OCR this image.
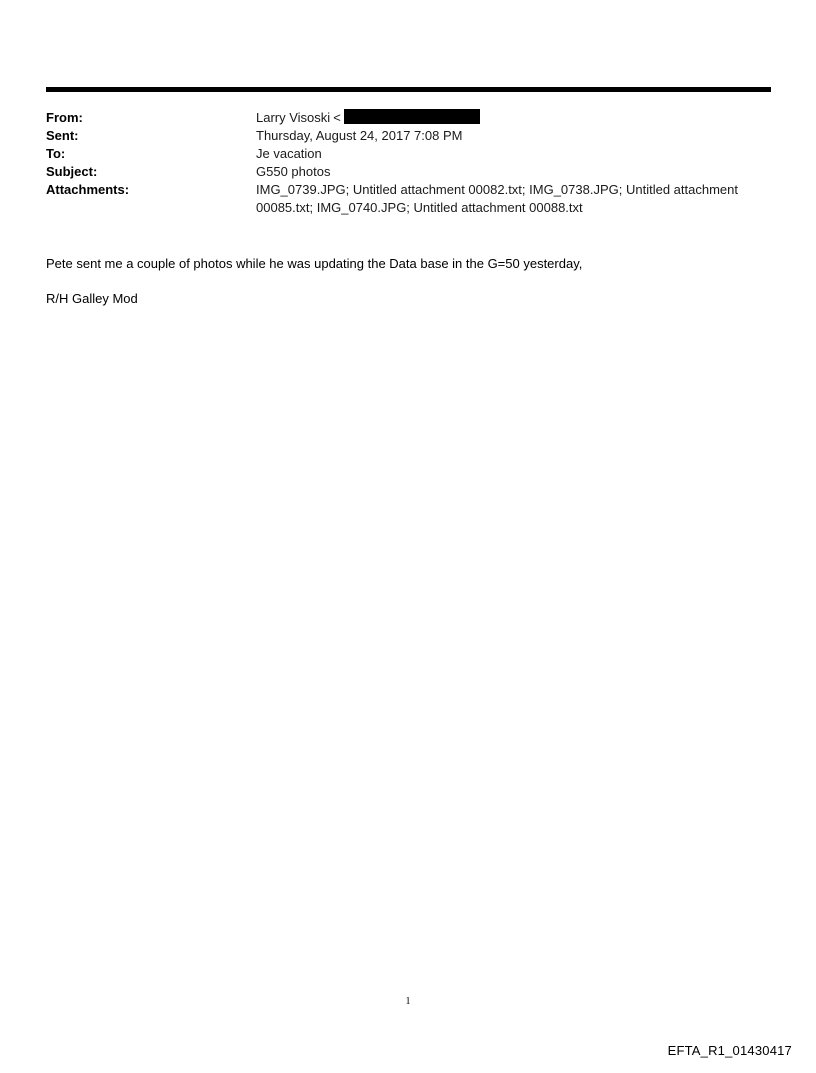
From:	Larry Visoski <
Sent:	Thursday, August 24, 2017 7:08 PM
To:	Je vacation
Subject:	G550 photos
Attachments:	IMG_0739.JPG; Untitled attachment 00082.txt; IMG_0738.JPG; Untitled attachment
00085.txt; IMG_0740.JPG; Untitled attachment 00088.txt

Pete sent me a couple of photos while he was updating the Data base in the G=50 yesterday,

R/H Galley Mod

1
EFTA_R1_01430417
